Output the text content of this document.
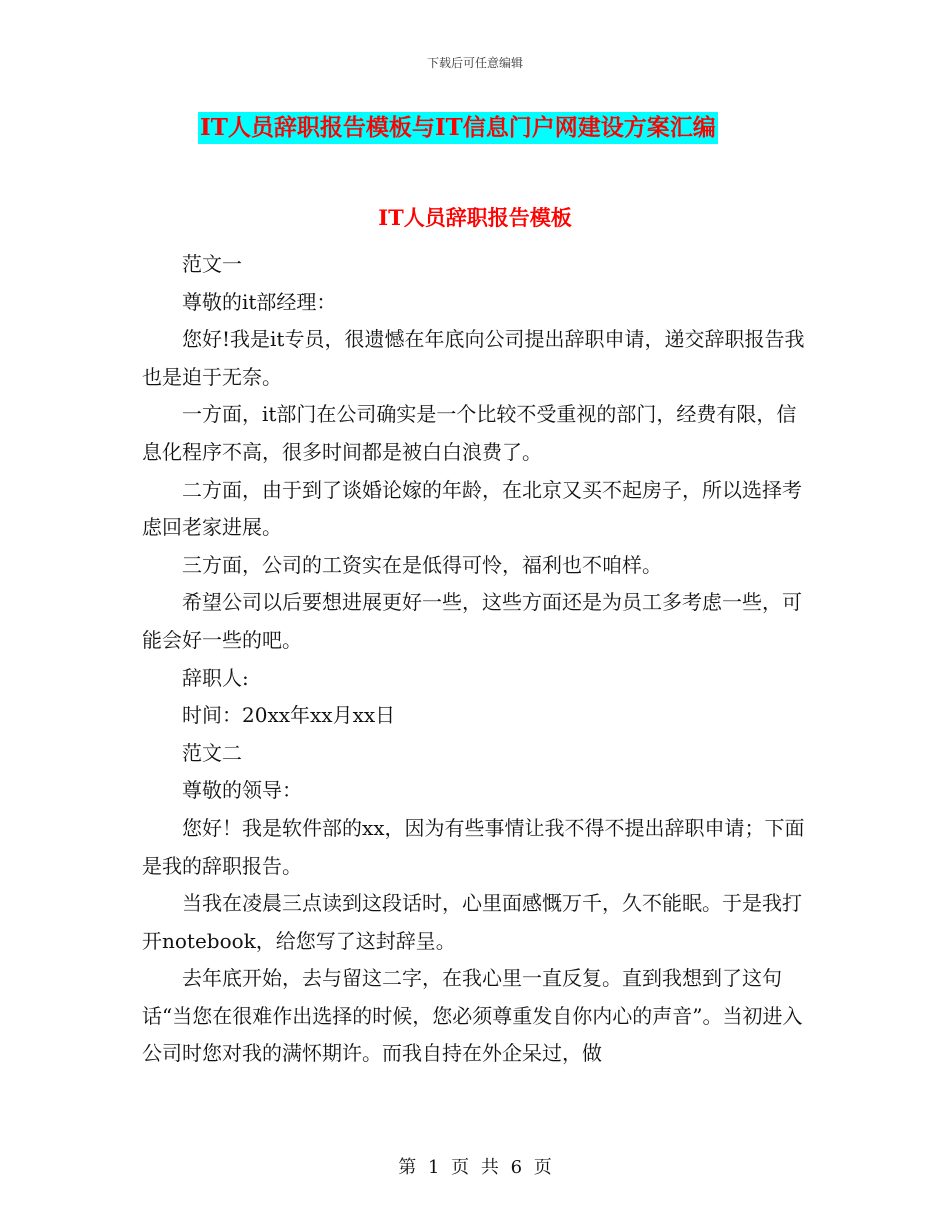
下载后可任意编辑
IT人员辞职报告模板与IT信息门户网建设方案汇编
IT人员辞职报告模板

范文一

尊敬的it部经理：

您好!我是it专员，很遗憾在年底向公司提出辞职申请，递交辞职报告我也是迫于无奈。

一方面，it部门在公司确实是一个比较不受重视的部门，经费有限，信息化程序不高，很多时间都是被白白浪费了。

二方面，由于到了谈婚论嫁的年龄，在北京又买不起房子，所以选择考虑回老家进展。

三方面，公司的工资实在是低得可怜，福利也不咱样。

希望公司以后要想进展更好一些，这些方面还是为员工多考虑一些，可能会好一些的吧。

辞职人:

时间：20xx年xx月xx日

范文二

尊敬的领导：

您好！我是软件部的xx，因为有些事情让我不得不提出辞职申请；下面是我的辞职报告。

当我在凌晨三点读到这段话时，心里面感慨万千，久不能眠。于是我打开notebook，给您写了这封辞呈。

去年底开始，去与留这二字，在我心里一直反复。直到我想到了这句话“当您在很难作出选择的时候，您必须尊重发自你内心的声音”。当初进入公司时您对我的满怀期许。而我自持在外企呆过，做

第 1 页 共 6 页
